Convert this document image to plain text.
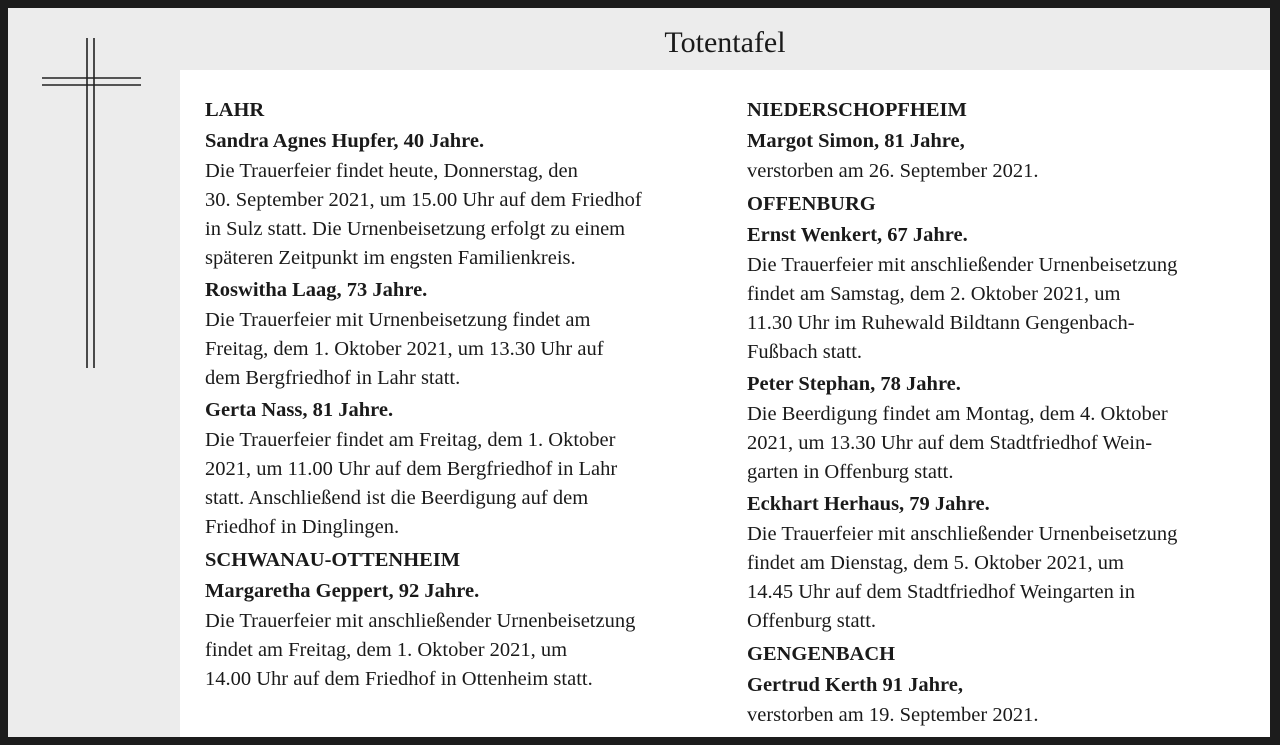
Totentafel
LAHR
Sandra Agnes Hupfer, 40 Jahre.
Die Trauerfeier findet heute, Donnerstag, den
30. September 2021, um 15.00 Uhr auf dem Friedhof
in Sulz statt. Die Urnenbeisetzung erfolgt zu einem
späteren Zeitpunkt im engsten Familienkreis.
Roswitha Laag, 73 Jahre.
Die Trauerfeier mit Urnenbeisetzung findet am
Freitag, dem 1. Oktober 2021, um 13.30 Uhr auf
dem Bergfriedhof in Lahr statt.
Gerta Nass, 81 Jahre.
Die Trauerfeier findet am Freitag, dem 1. Oktober
2021, um 11.00 Uhr auf dem Bergfriedhof in Lahr
statt. Anschließend ist die Beerdigung auf dem
Friedhof in Dinglingen.
SCHWANAU-OTTENHEIM
Margaretha Geppert, 92 Jahre.
Die Trauerfeier mit anschließender Urnenbeisetzung
findet am Freitag, dem 1. Oktober 2021, um
14.00 Uhr auf dem Friedhof in Ottenheim statt.
NIEDERSCHOPFHEIM
Margot Simon, 81 Jahre,
verstorben am 26. September 2021.
OFFENBURG
Ernst Wenkert, 67 Jahre.
Die Trauerfeier mit anschließender Urnenbeisetzung
findet am Samstag, dem 2. Oktober 2021, um
11.30 Uhr im Ruhewald Bildtann Gengenbach-
Fußbach statt.
Peter Stephan, 78 Jahre.
Die Beerdigung findet am Montag, dem 4. Oktober
2021, um 13.30 Uhr auf dem Stadtfriedhof Wein-
garten in Offenburg statt.
Eckhart Herhaus, 79 Jahre.
Die Trauerfeier mit anschließender Urnenbeisetzung
findet am Dienstag, dem 5. Oktober 2021, um
14.45 Uhr auf dem Stadtfriedhof Weingarten in
Offenburg statt.
GENGENBACH
Gertrud Kerth 91 Jahre,
verstorben am 19. September 2021.
